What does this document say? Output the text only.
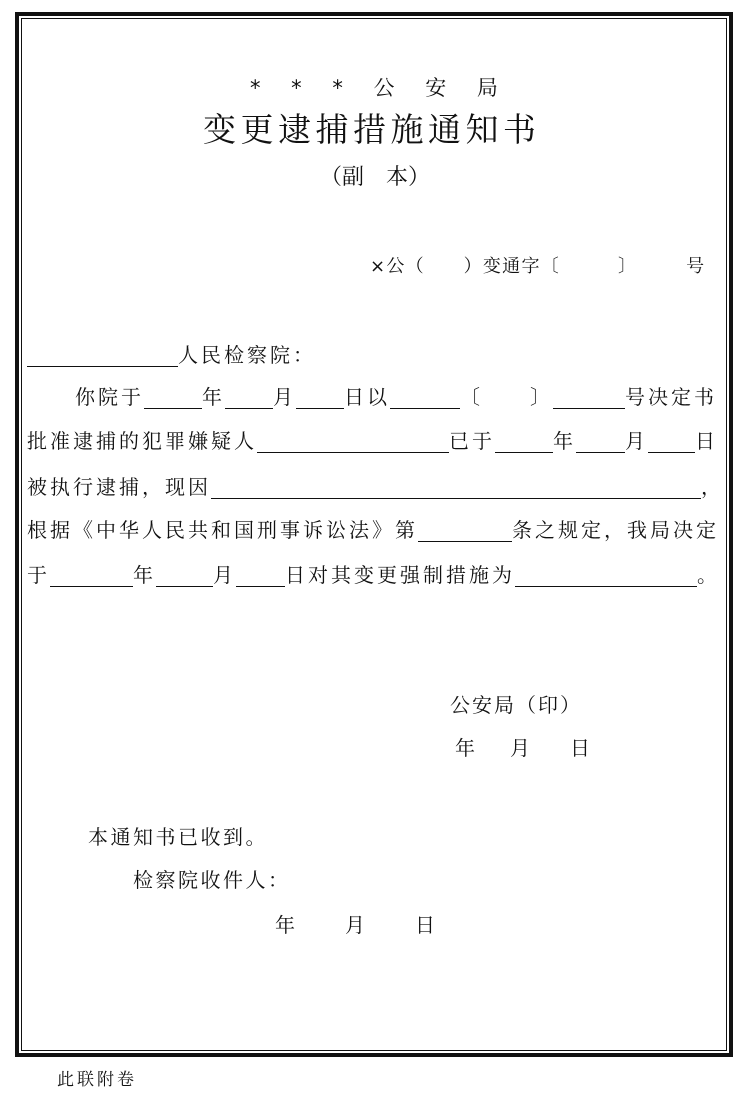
* * * 公 安 局
变更逮捕措施通知书
（副　本）
×公（　　）变通字〔　　　〕　　　号
人民检察院：
你院于	年 月 日以	〔 〕	号决定书
批准逮捕的犯罪嫌疑人	已于	年 月 日
被执行逮捕，现因	，
根据《中华人民共和国刑事诉讼法》第	条之规定，我局决定
于	年	月 日对其变更强制措施为	。
公安局（印）
年 月 日
本通知书已收到。
检察院收件人：
年	月	日
此联附卷
